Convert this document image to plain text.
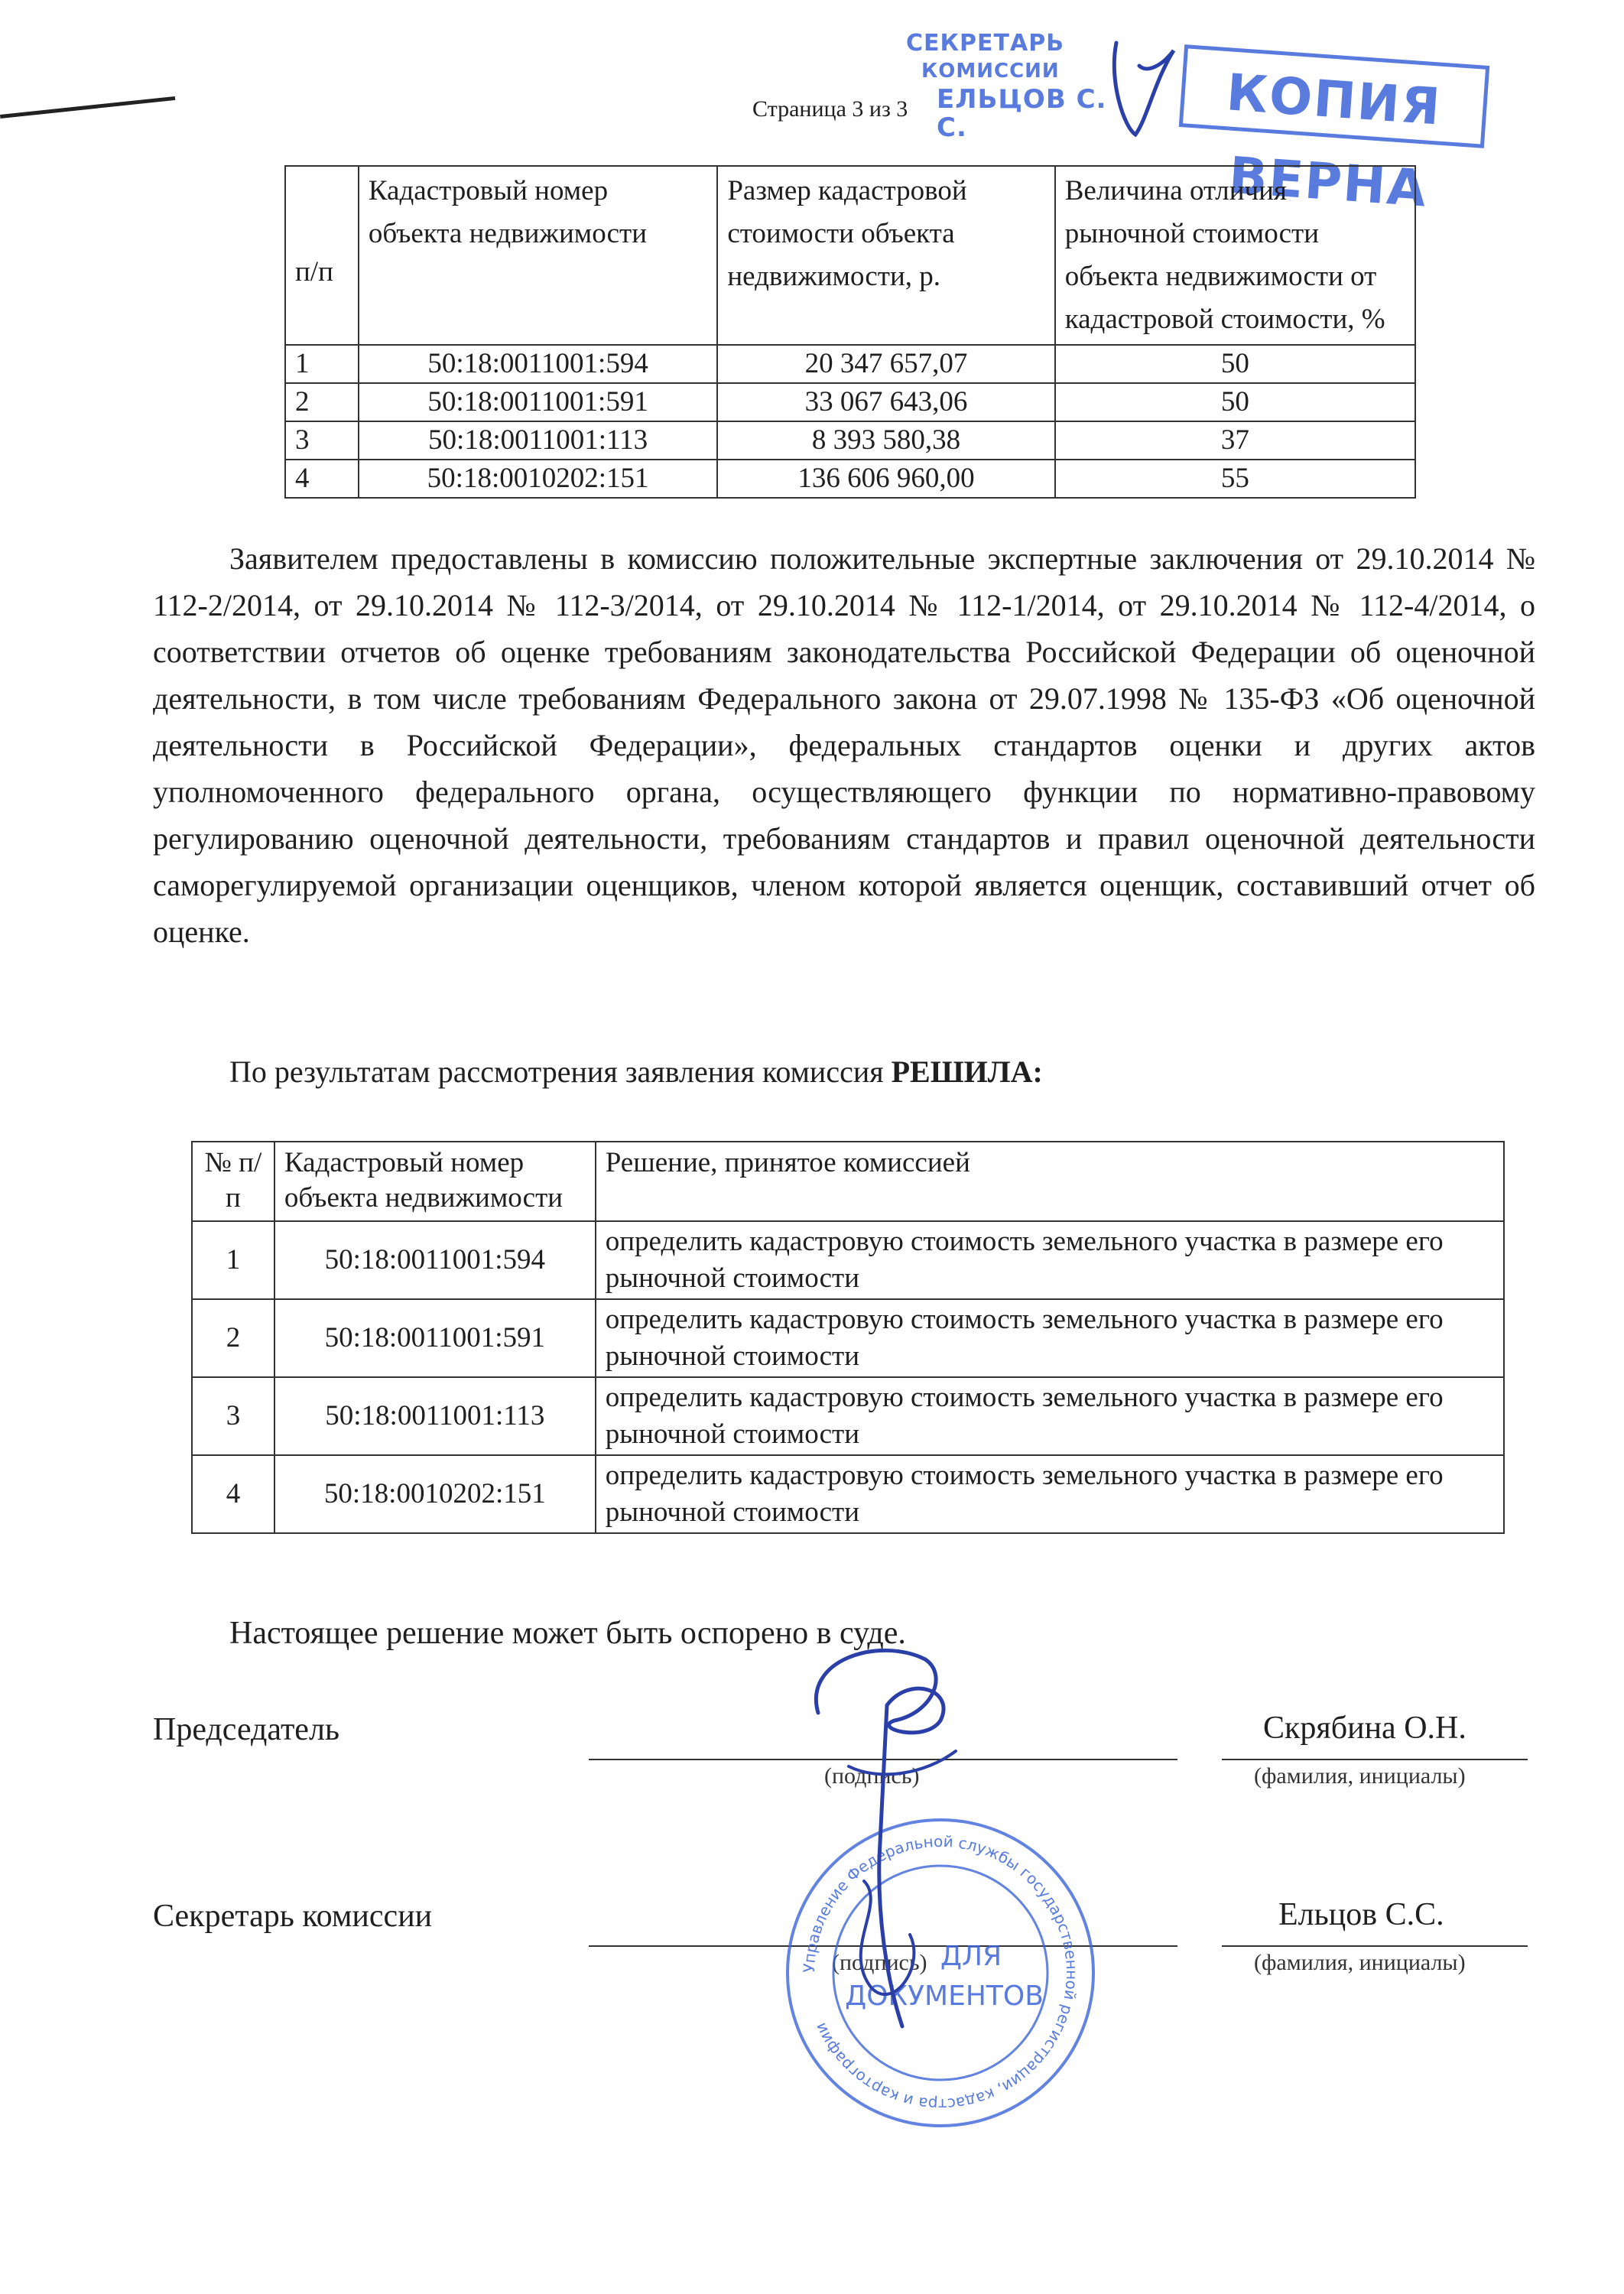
СЕКРЕТАРЬ
КОМИССИИ
ЕЛЬЦОВ С. С.	КОПИЯ ВЕРНА
Страница 3 из 3
п/п	Кадастровый номер объекта недвижимости	Размер кадастровой стоимости объекта недвижимости, р.	Величина отличия рыночной стоимости объекта недвижимости от кадастровой стоимости, %
1	50:18:0011001:594	20 347 657,07	50
2	50:18:0011001:591	33 067 643,06	50
3	50:18:0011001:113	8 393 580,38	37
4	50:18:0010202:151	136 606 960,00	55

Заявителем предоставлены в комиссию положительные экспертные заключения от 29.10.2014 № 112-2/2014, от 29.10.2014 № 112-3/2014, от 29.10.2014 № 112-1/2014, от 29.10.2014 № 112-4/2014, о соответствии отчетов об оценке требованиям законодательства Российской Федерации об оценочной деятельности, в том числе требованиям Федерального закона от 29.07.1998 № 135-ФЗ «Об оценочной деятельности в Российской Федерации», федеральных стандартов оценки и других актов уполномоченного федерального органа, осуществляющего функции по нормативно-правовому регулированию оценочной деятельности, требованиям стандартов и правил оценочной деятельности саморегулируемой организации оценщиков, членом которой является оценщик, составивший отчет об оценке.

По результатам рассмотрения заявления комиссия РЕШИЛА:
№ п/п	Кадастровый номер объекта недвижимости	Решение, принятое комиссией
1	50:18:0011001:594	определить кадастровую стоимость земельного участка в размере его рыночной стоимости
2	50:18:0011001:591	определить кадастровую стоимость земельного участка в размере его рыночной стоимости
3	50:18:0011001:113	определить кадастровую стоимость земельного участка в размере его рыночной стоимости
4	50:18:0010202:151	определить кадастровую стоимость земельного участка в размере его рыночной стоимости
Настоящее решение может быть оспорено в суде.
Председатель
(подпись)
Скрябина О.Н.
(фамилия, инициалы)
Секретарь комиссии
(подпись)
Ельцов С.С.
(фамилия, инициалы)
Управление Федеральной службы государственной регистрации, кадастра и картографии
ДЛЯ
ДОКУМЕНТОВ
